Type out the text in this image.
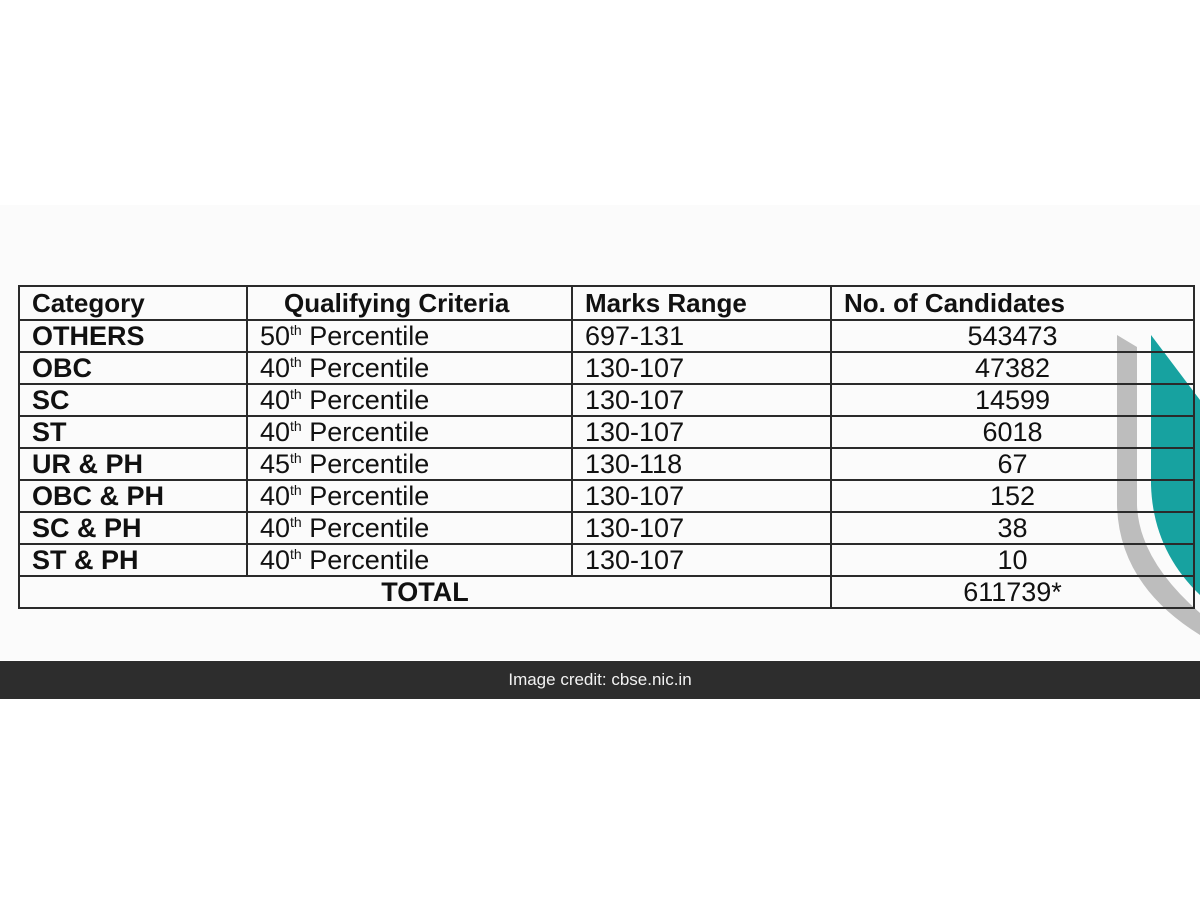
Category	Qualifying Criteria	Marks Range	No. of Candidates
OTHERS	50th Percentile	697-131	543473
OBC	40th Percentile	130-107	47382
SC	40th Percentile	130-107	14599
ST	40th Percentile	130-107	6018
UR & PH	45th Percentile	130-118	67
OBC & PH	40th Percentile	130-107	152
SC & PH	40th Percentile	130-107	38
ST & PH	40th Percentile	130-107	10
TOTAL			611739*
Image credit: cbse.nic.in
